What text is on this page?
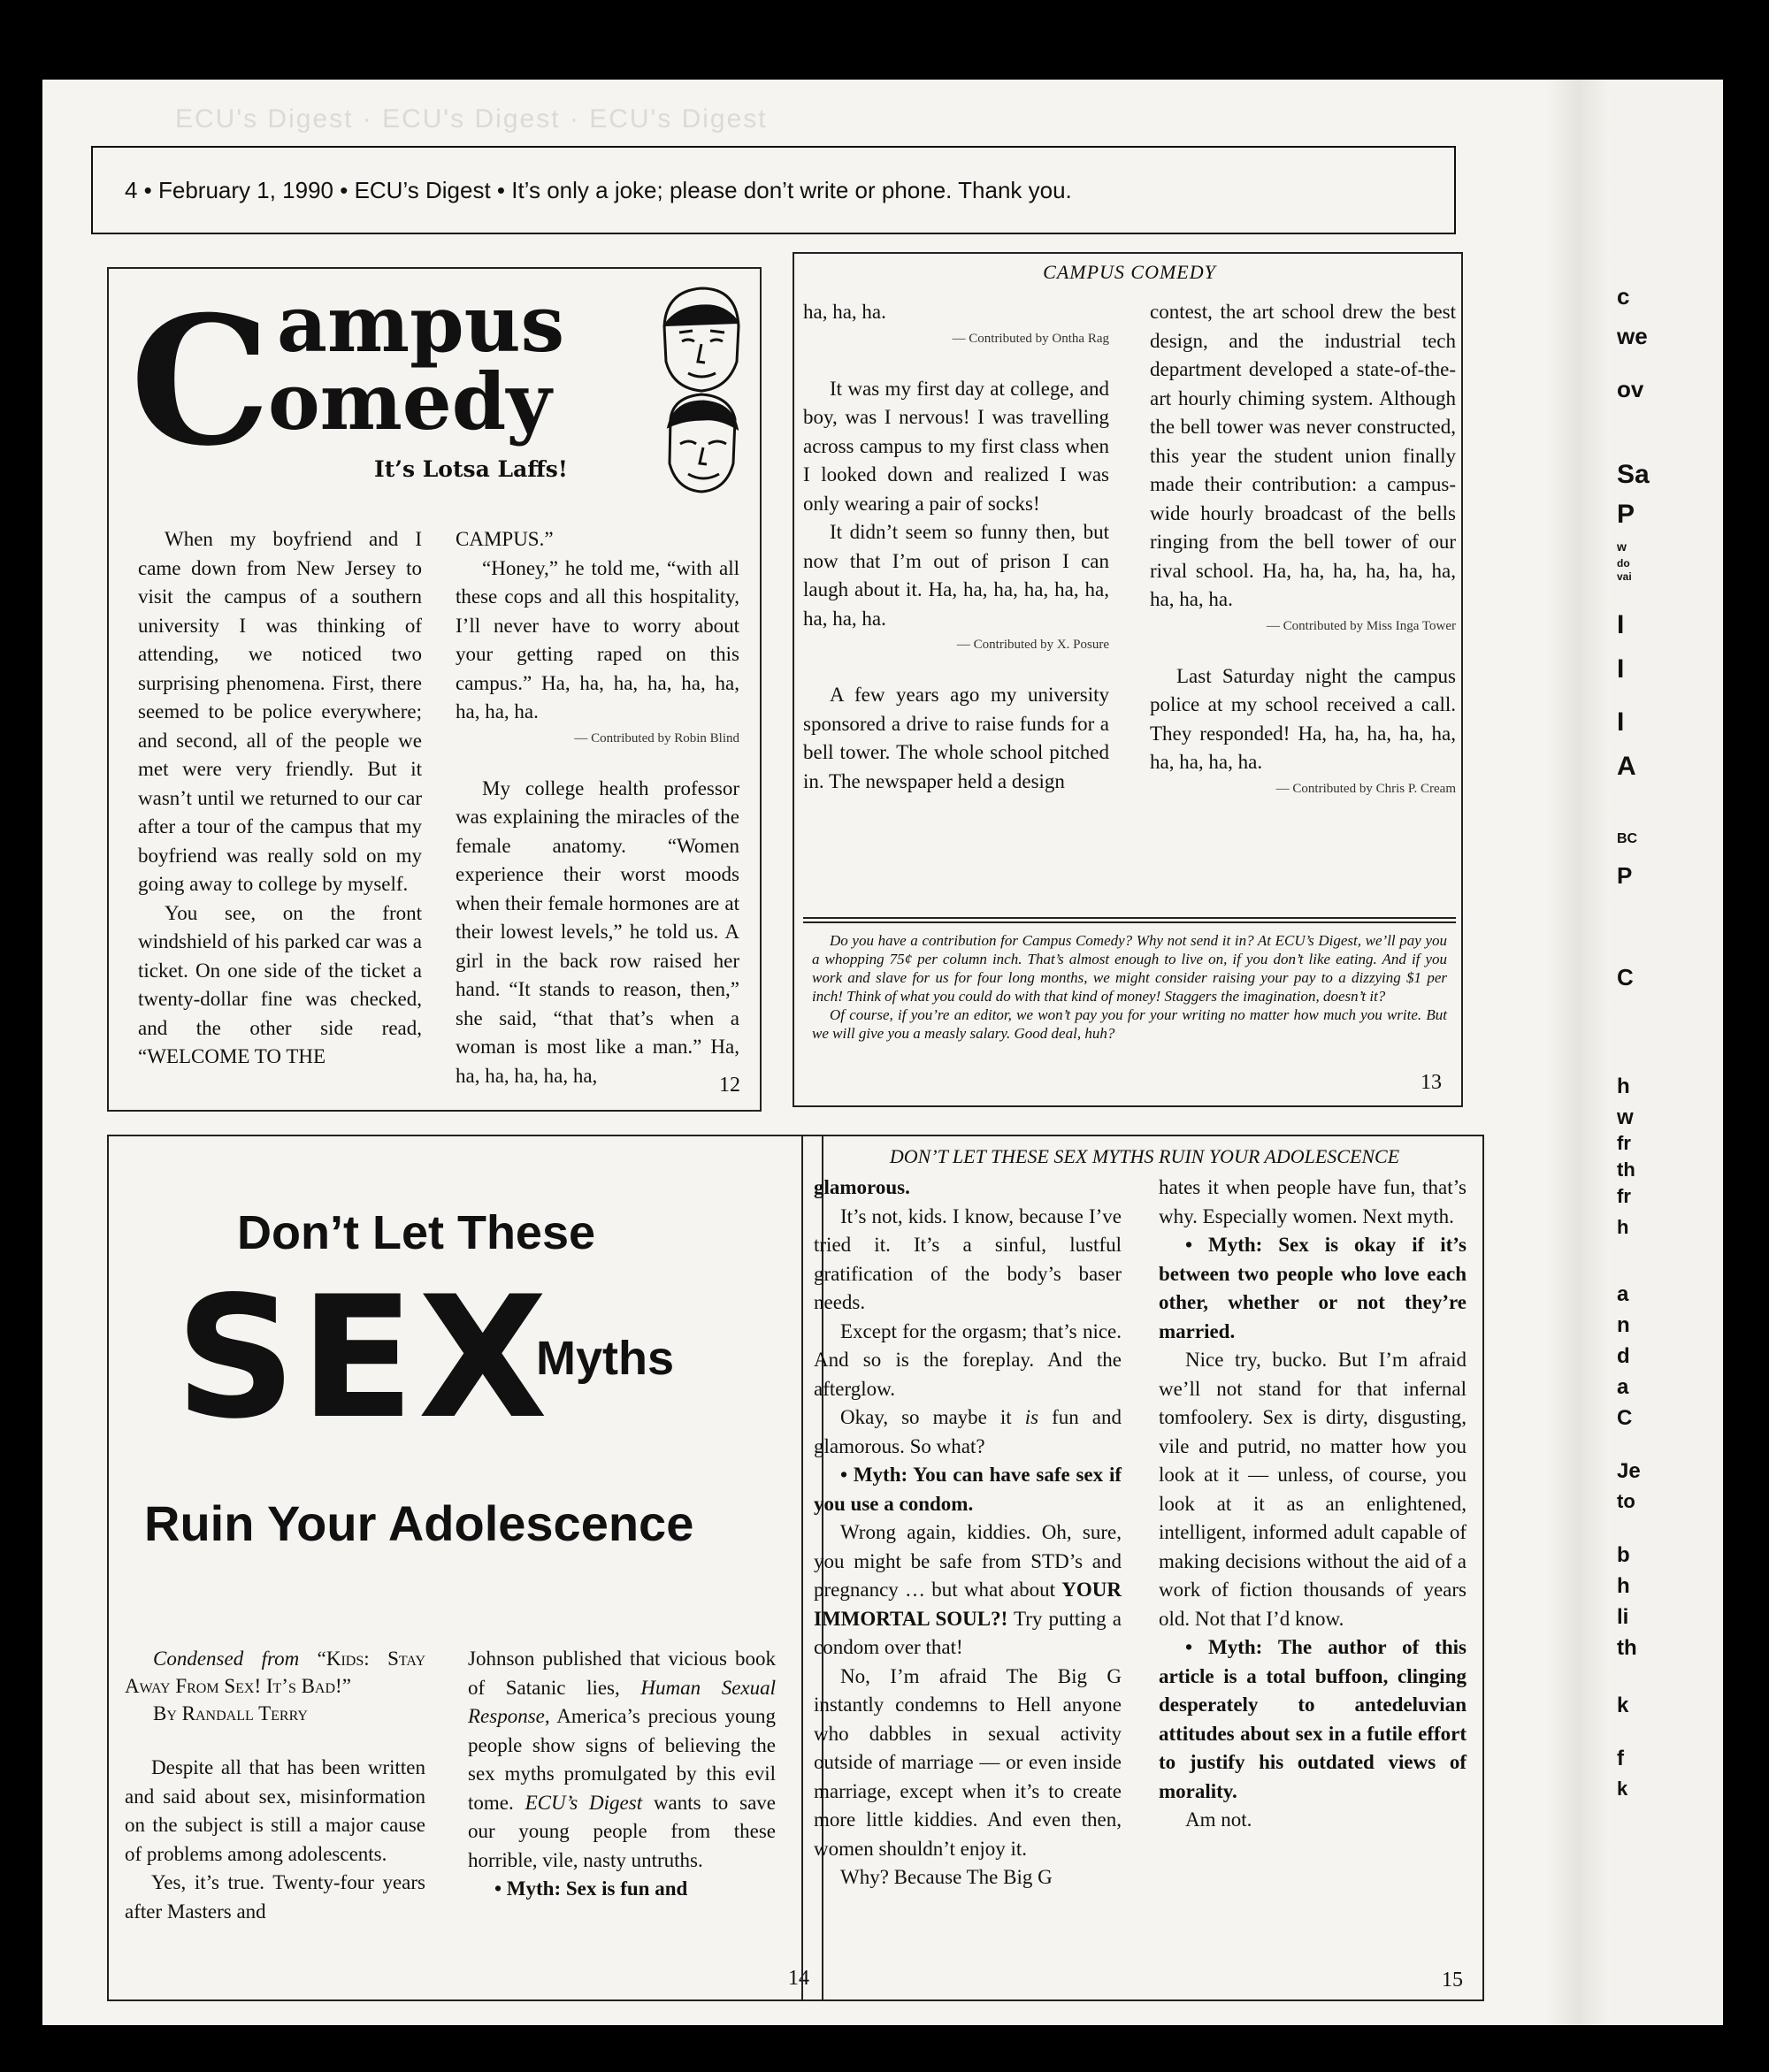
ECU's Digest · ECU's Digest · ECU's Digest
4 • February 1, 1990 • ECU’s Digest • It’s only a joke; please don’t write or phone. Thank you.
C ampus
omedy
It’s Lotsa Laffs!

When my boyfriend and I came down from New Jersey to visit the campus of a southern university I was thinking of attending, we noticed two surprising phenomena. First, there seemed to be police everywhere; and second, all of the people we met were very friendly. But it wasn’t until we returned to our car after a tour of the campus that my boyfriend was really sold on my going away to college by myself.

You see, on the front windshield of his parked car was a ticket. On one side of the ticket a twenty-dollar fine was checked, and the other side read, “WELCOME TO THE

CAMPUS.”

“Honey,” he told me, “with all these cops and all this hospitality, I’ll never have to worry about your getting raped on this campus.” Ha, ha, ha, ha, ha, ha, ha, ha, ha.

— Contributed by Robin Blind

My college health professor was explaining the miracles of the female anatomy. “Women experience their worst moods when their female hormones are at their lowest levels,” he told us. A girl in the back row raised her hand. “It stands to reason, then,” she said, “that that’s when a woman is most like a man.” Ha, ha, ha, ha, ha, ha,	12
CAMPUS COMEDY

ha, ha, ha.

— Contributed by Ontha Rag

It was my first day at college, and boy, was I nervous! I was travelling across campus to my first class when I looked down and realized I was only wearing a pair of socks!

It didn’t seem so funny then, but now that I’m out of prison I can laugh about it. Ha, ha, ha, ha, ha, ha, ha, ha, ha.

— Contributed by X. Posure

A few years ago my university sponsored a drive to raise funds for a bell tower. The whole school pitched in. The newspaper held a design

contest, the art school drew the best design, and the industrial tech department developed a state-of-the-art hourly chiming system. Although the bell tower was never constructed, this year the student union finally made their contribution: a campus-wide hourly broadcast of the bells ringing from the bell tower of our rival school. Ha, ha, ha, ha, ha, ha, ha, ha, ha.

— Contributed by Miss Inga Tower

Last Saturday night the campus police at my school received a call. They responded! Ha, ha, ha, ha, ha, ha, ha, ha, ha.

— Contributed by Chris P. Cream

Do you have a contribution for Campus Comedy? Why not send it in? At ECU’s Digest, we’ll pay you a whopping 75¢ per column inch. That’s almost enough to live on, if you don’t like eating. And if you work and slave for us for four long months, we might consider raising your pay to a dizzying $1 per inch! Think of what you could do with that kind of money! Staggers the imagination, doesn’t it?

Of course, if you’re an editor, we won’t pay you for your writing no matter how much you write. But we will give you a measly salary. Good deal, huh?

13
Don’t Let These
SEX
Myths
Ruin Your Adolescence
Condensed from “Kids: Stay Away From Sex! It’s Bad!”
By Randall Terry

Despite all that has been written and said about sex, misinformation on the subject is still a major cause of problems among adolescents.

Yes, it’s true. Twenty-four years after Masters and

Johnson published that vicious book of Satanic lies, Human Sexual Response, America’s precious young people show signs of believing the sex myths promulgated by this evil tome. ECU’s Digest wants to save our young people from these horrible, vile, nasty untruths.

• Myth: Sex is fun and

14
DON’T LET THESE SEX MYTHS RUIN YOUR ADOLESCENCE

glamorous.

It’s not, kids. I know, because I’ve tried it. It’s a sinful, lustful gratification of the body’s baser needs.

Except for the orgasm; that’s nice. And so is the foreplay. And the afterglow.

Okay, so maybe it is fun and glamorous. So what?

• Myth: You can have safe sex if you use a condom.

Wrong again, kiddies. Oh, sure, you might be safe from STD’s and pregnancy … but what about YOUR IMMORTAL SOUL?! Try putting a condom over that!

No, I’m afraid The Big G instantly condemns to Hell anyone who dabbles in sexual activity outside of marriage — or even inside marriage, except when it’s to create more little kiddies. And even then, women shouldn’t enjoy it.

Why? Because The Big G

hates it when people have fun, that’s why. Especially women. Next myth.

• Myth: Sex is okay if it’s between two people who love each other, whether or not they’re married.

Nice try, bucko. But I’m afraid we’ll not stand for that infernal tomfoolery. Sex is dirty, disgusting, vile and putrid, no matter how you look at it — unless, of course, you look at it as an enlightened, intelligent, informed adult capable of making decisions without the aid of a work of fiction thousands of years old. Not that I’d know.

• Myth: The author of this article is a total buffoon, clinging desperately to antedeluvian attitudes about sex in a futile effort to justify his outdated views of morality.

Am not.

15
c
we
ov
Sa
P
w
do
vai
I
I
I
A
BC
P
C
h
w
fr
th
fr
h
a
n
d
a
C
Je
to
b
h
li
th
k
f
k
